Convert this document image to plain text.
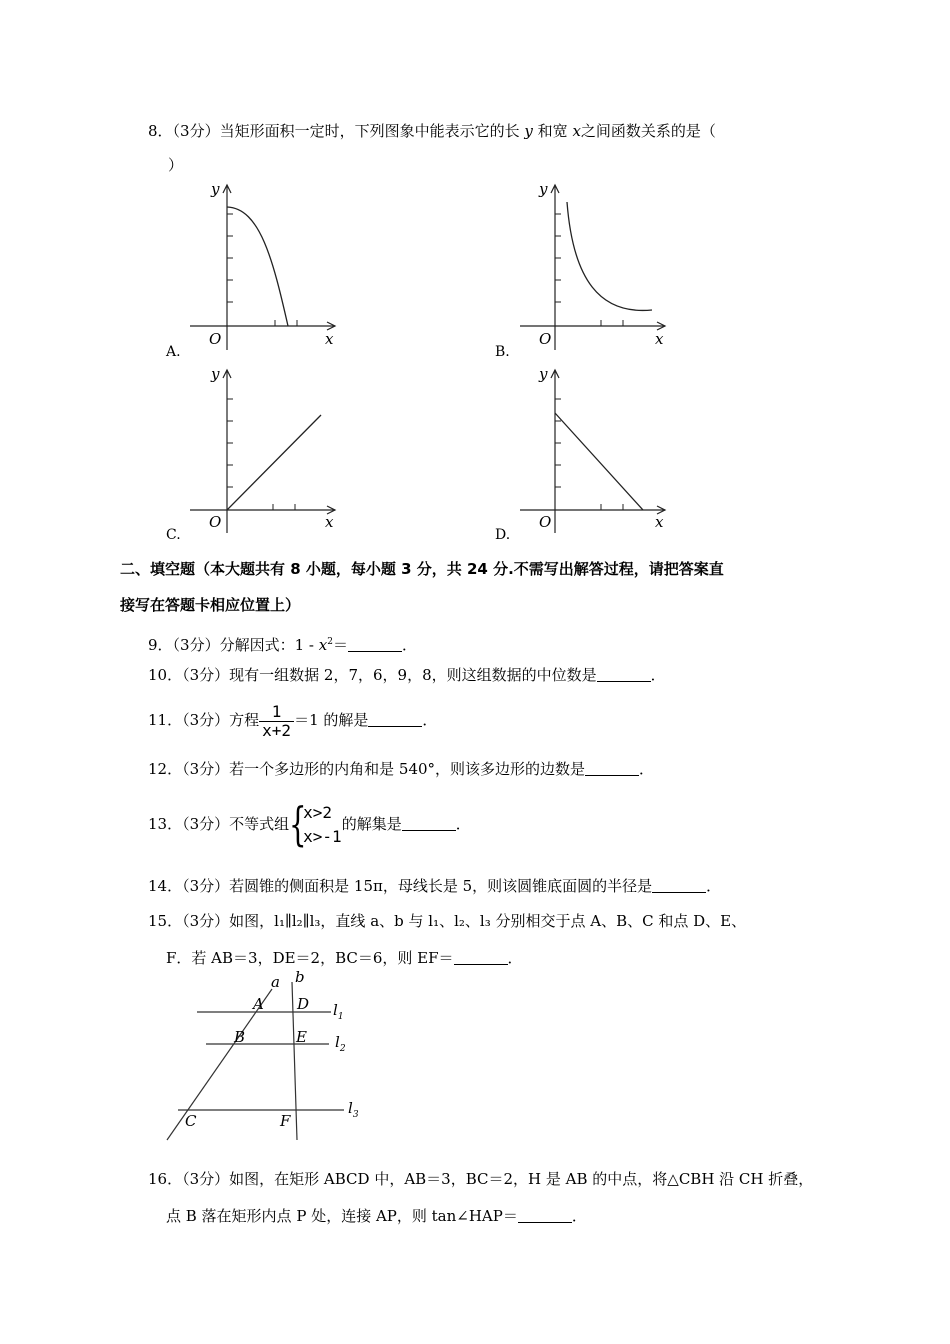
8．（3分）当矩形面积一定时，下列图象中能表示它的长 y 和宽 x之间函数关系的是（
）
y
O	x
A.
y
O	x
B.
y
O	x
C.
y
O	x
D.
二、填空题（本大题共有 8 小题，每小题 3 分，共 24 分.不需写出解答过程，请把答案直
接写在答题卡相应位置上）
9．（3分）分解因式：$1 - x^2=$	．
10．（3分）现有一组数据 2，7，6，9，8，则这组数据的中位数是	．
11．（3分）方程 $\frac{1}{x+2} =1$ 的解是	．
12．（3分）若一个多边形的内角和是 540°，则该多边形的边数是	．
13．（3分）不等式组 {
x>2
x>-1
的解集是	．
14．（3分）若圆锥的侧面积是 15π，母线长是 5，则该圆锥底面圆的半径是	．
15．（3分）如图，l₁∥l₂∥l₃，直线 a、b 与 l₁、l₂、l₃ 分别相交于点 A、B、C 和点 D、E、
F．若 AB＝3，DE＝2，BC＝6，则 EF＝	．
a b
A D
B	E
C	F
$l_1$
$l_2$
$l_3$
16．（3分）如图，在矩形 ABCD 中，AB＝3，BC＝2，H 是 AB 的中点，将△CBH 沿 CH 折叠，
点 B 落在矩形内点 P 处，连接 AP，则 tan∠HAP＝	．
